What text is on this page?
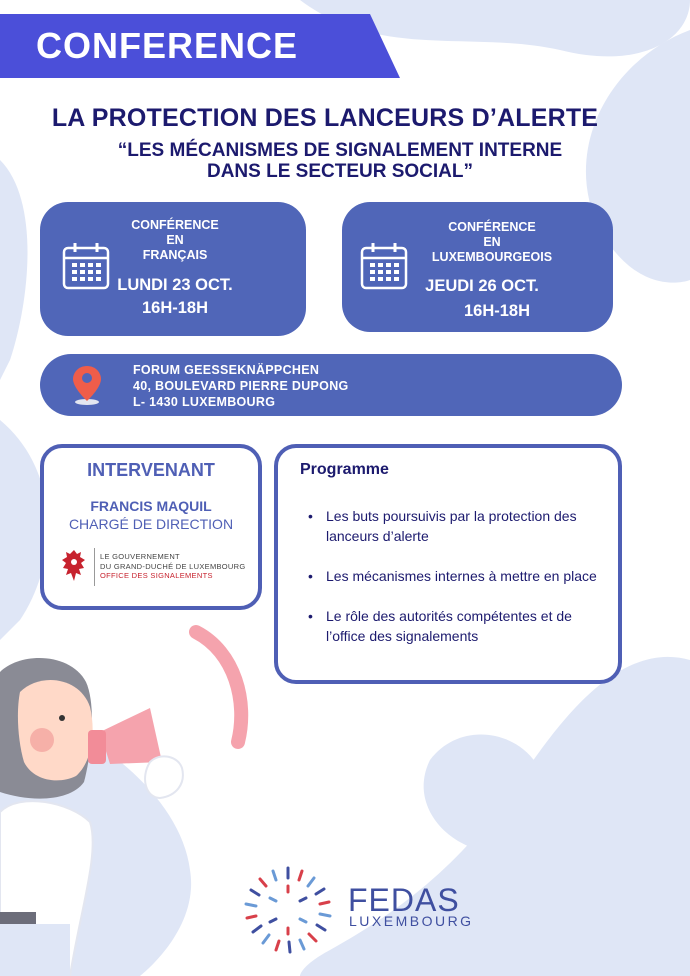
CONFERENCE
LA PROTECTION DES LANCEURS D’ALERTE
“LES MÉCANISMES DE SIGNALEMENT INTERNE
DANS LE SECTEUR SOCIAL”
CONFÉRENCE
EN
FRANÇAIS
LUNDI 23 OCT.
16H-18H
CONFÉRENCE
EN
LUXEMBOURGEOIS
JEUDI 26 OCT.
16H-18H
FORUM GEESSEKNÄPPCHEN
40, BOULEVARD PIERRE DUPONG
L- 1430 LUXEMBOURG
INTERVENANT
FRANCIS MAQUIL
CHARGÉ DE DIRECTION
LE GOUVERNEMENT
DU GRAND-DUCHÉ DE LUXEMBOURG
OFFICE DES SIGNALEMENTS
Programme
• Les buts poursuivis par la protection des lanceurs d’alerte
• Les mécanismes internes à mettre en place
• Le rôle des autorités compétentes et de l’office des signalements
FEDAS
LUXEMBOURG
